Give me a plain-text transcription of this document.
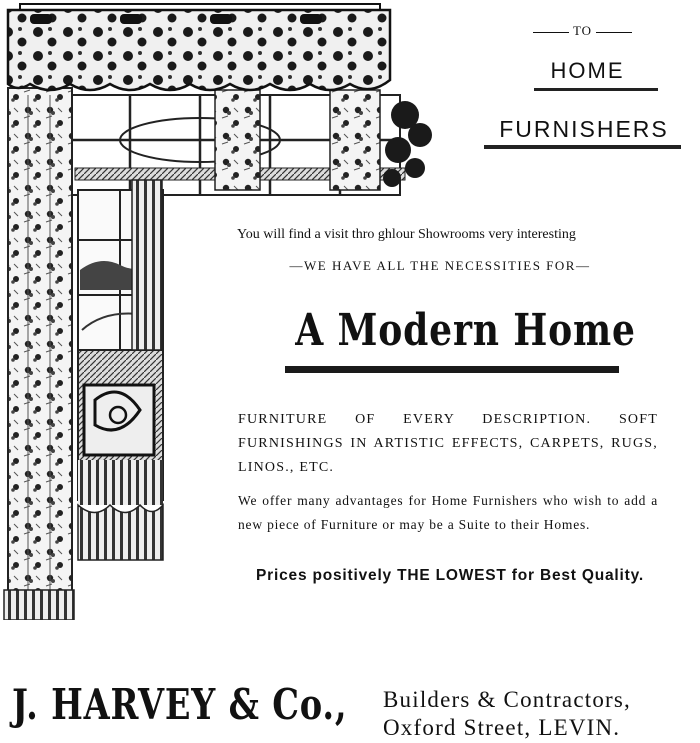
TO
HOME
FURNISHERS
You will find a visit thro ghlour Showrooms very interesting
—WE HAVE ALL THE NECESSITIES FOR—
A Modern Home
FURNITURE OF EVERY DESCRIPTION. SOFT FURNISHINGS IN ARTISTIC EFFECTS, CARPETS, RUGS, LINOS., ETC.
We offer many advantages for Home Furnishers who wish to add a new piece of Furniture or may be a Suite to their Homes.
Prices positively THE LOWEST for Best Quality.
J. HARVEY & Co., Builders & Contractors,
Oxford Street, LEVIN.
